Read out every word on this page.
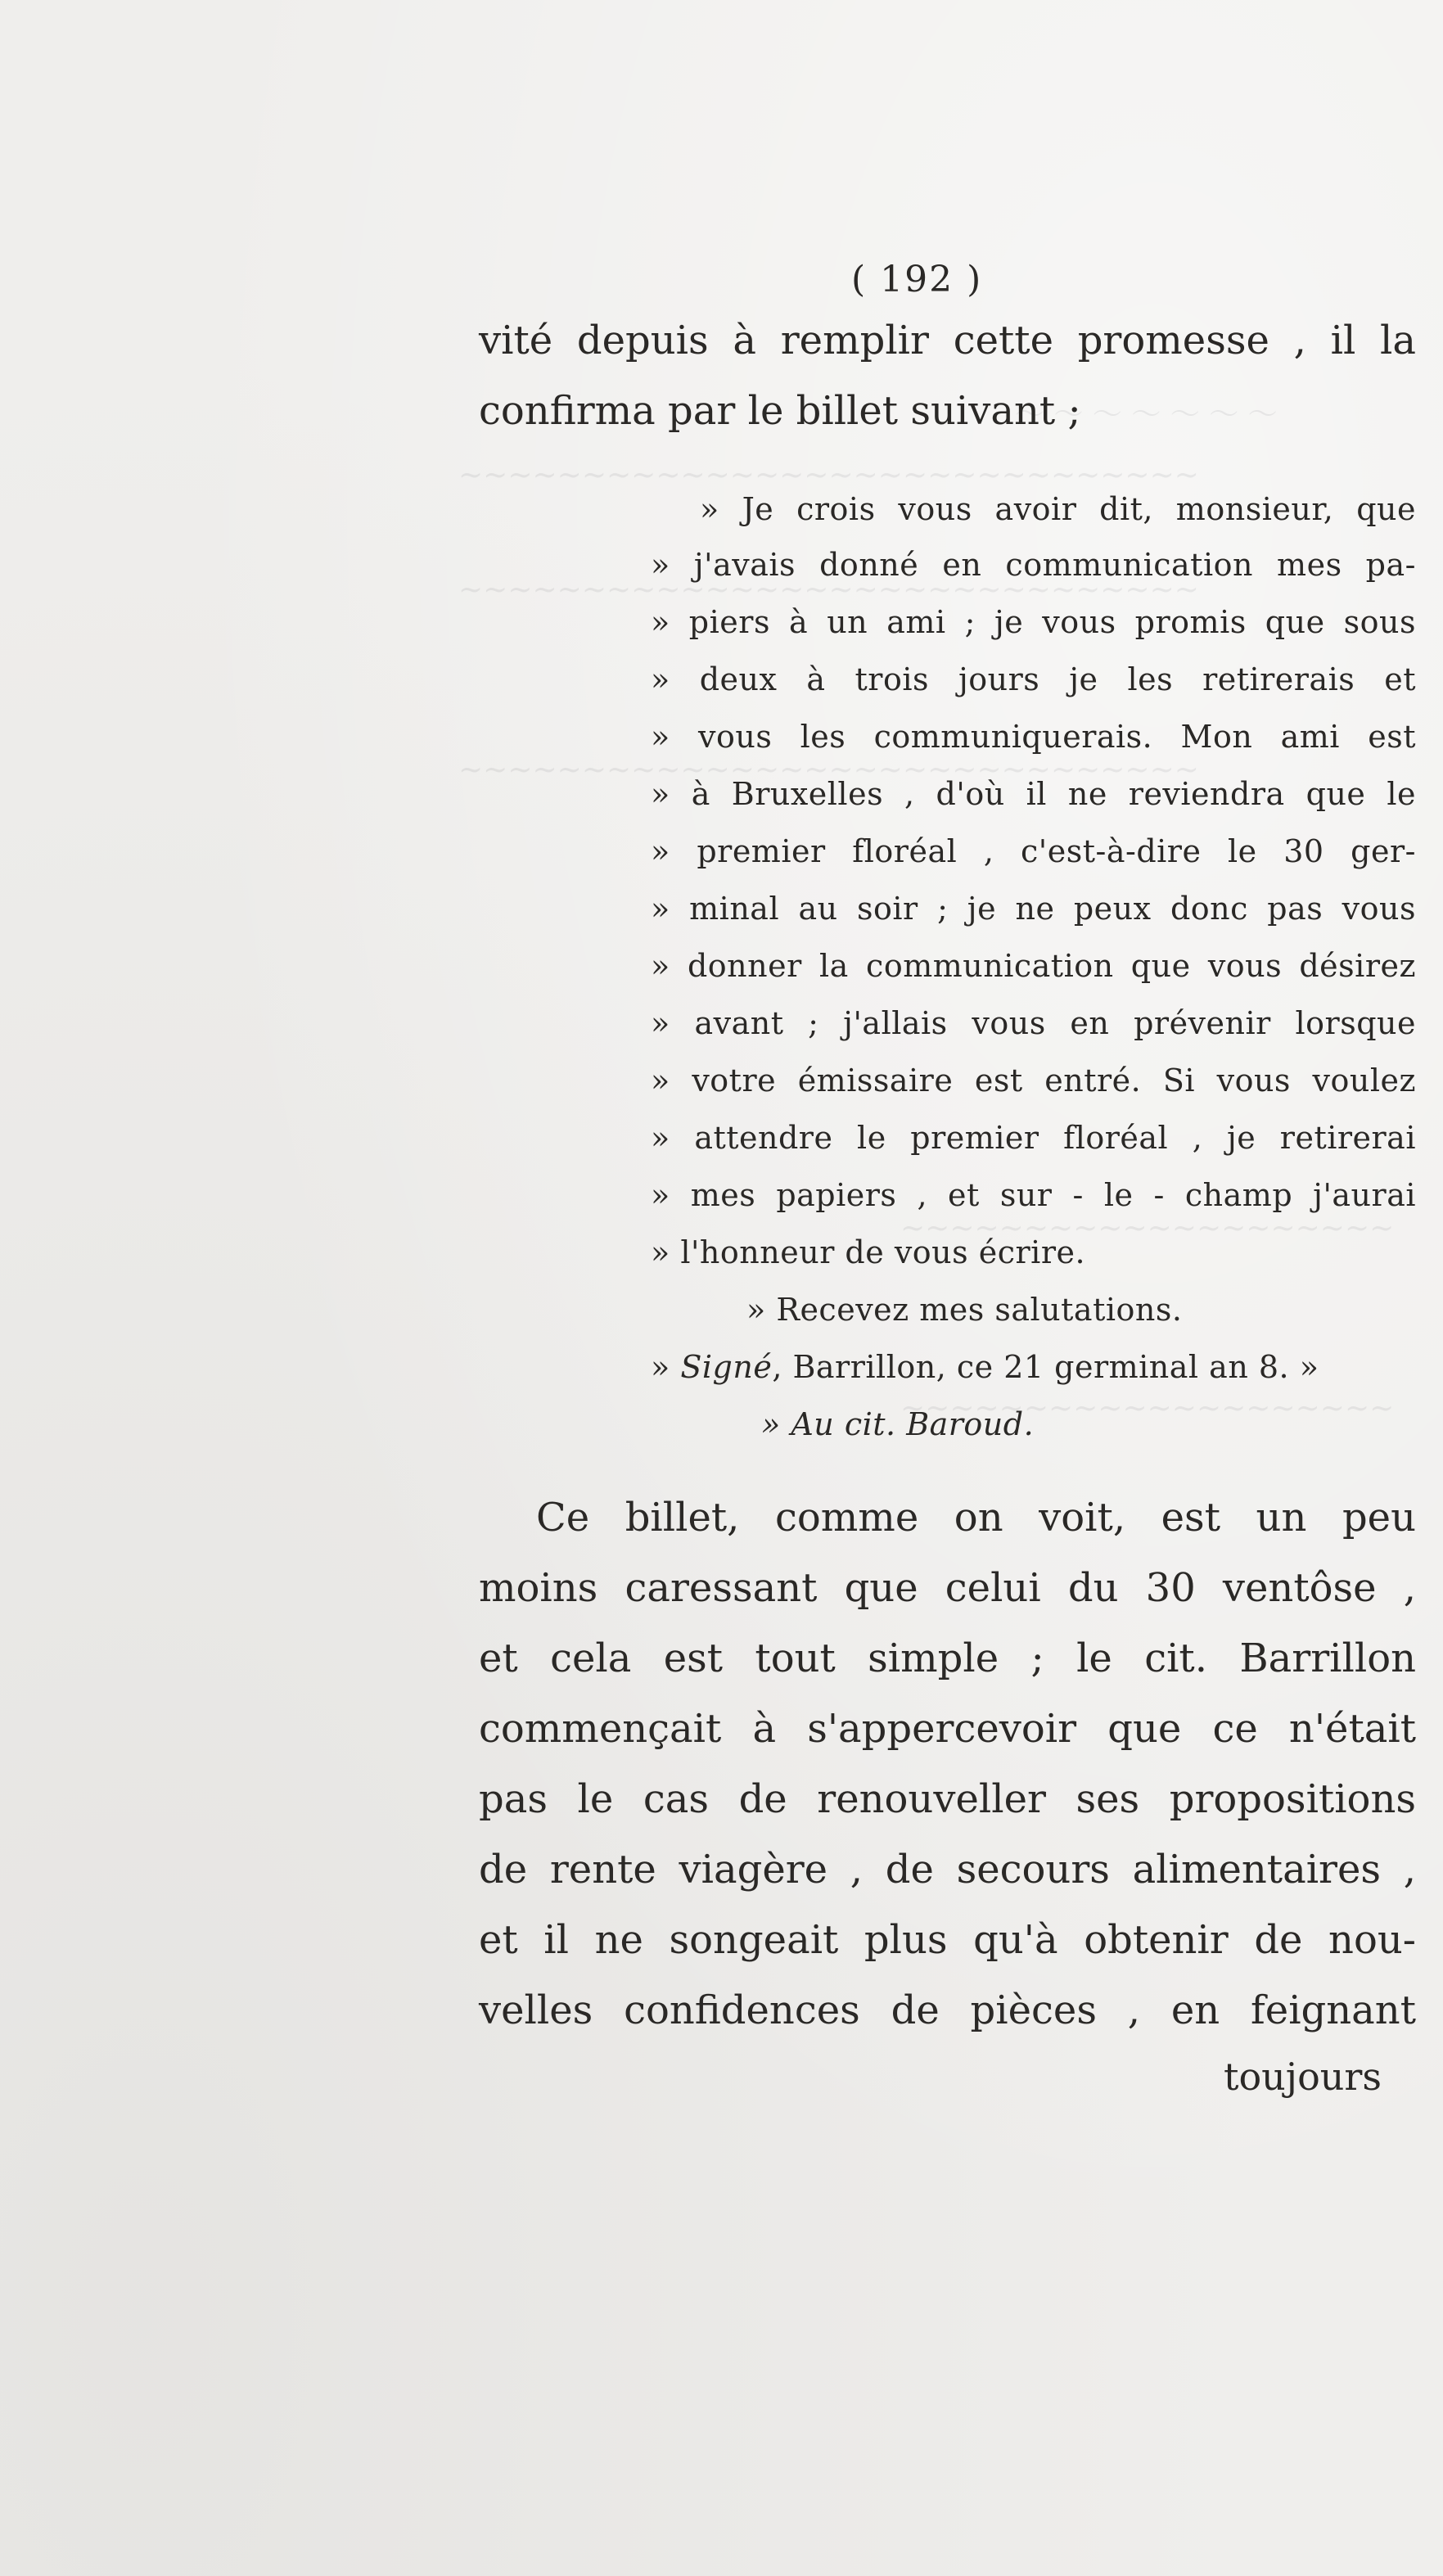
～ ～ ～ ～ ～ ～ ～
~~~~~~~~~~~~~~~~~~~~~~~~~~~~~~
~~~~~~~~~~~~~~~~~~~~~~~~~~~~~~
~~~~~~~~~~~~~~~~~~~~~~~~~~~~~~
~~~~~~~~~~~~~~~~~~~~
~~~~~~~~~~~~~~~~~~~~
( 192 )
vité depuis à remplir cette promesse , il la
confirma par le billet suivant ;
» Je crois vous avoir dit, monsieur, que
» j'avais donné en communication mes pa-
» piers à un ami ; je vous promis que sous
» deux à trois jours je les retirerais et
» vous les communiquerais. Mon ami est
» à Bruxelles , d'où il ne reviendra que le
» premier floréal , c'est-à-dire le 30 ger-
» minal au soir ; je ne peux donc pas vous
» donner la communication que vous désirez
» avant ; j'allais vous en prévenir lorsque
» votre émissaire est entré. Si vous voulez
» attendre le premier floréal , je retirerai
» mes papiers , et sur - le - champ j'aurai
» l'honneur de vous écrire.
» Recevez mes salutations.
» Signé, Barrillon, ce 21 germinal an 8. »
» Au cit. Baroud.
Ce billet, comme on voit, est un peu
moins caressant que celui du 30 ventôse ,
et cela est tout simple ; le cit. Barrillon
commençait à s'appercevoir que ce n'était
pas le cas de renouveller ses propositions
de rente viagère , de secours alimentaires ,
et il ne songeait plus qu'à obtenir de nou-
velles confidences de pièces , en feignant
toujours
